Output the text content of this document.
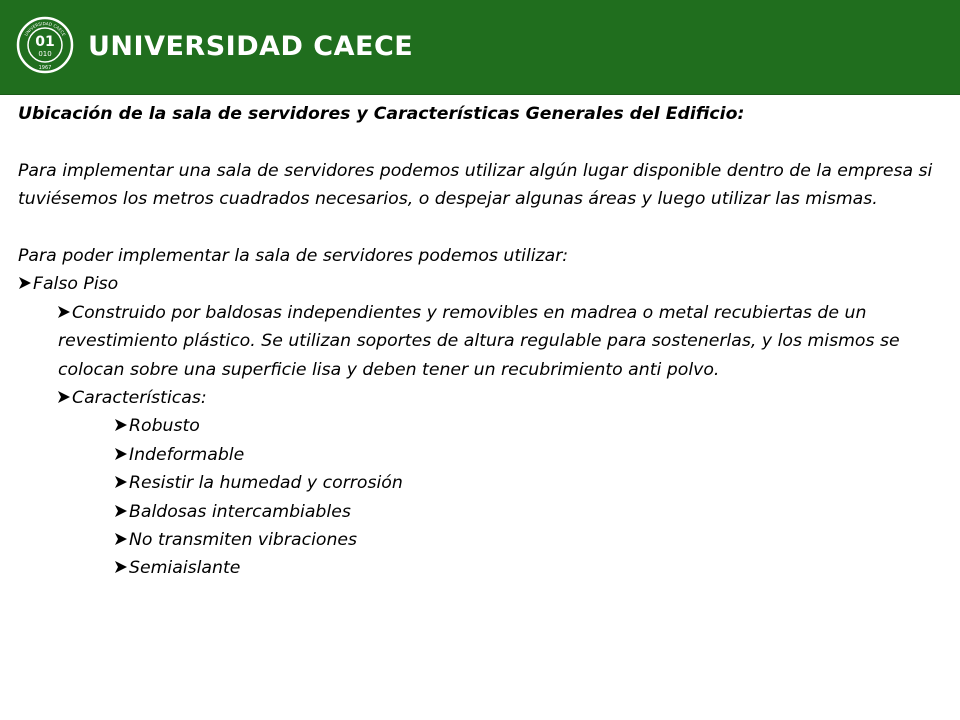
01
010
1967
UNIVERSIDAD CAECE UNIVERSIDAD CAECE

Ubicación de la sala de servidores y Características Generales del Edificio:

Para implementar una sala de servidores podemos utilizar algún lugar disponible dentro de la empresa si tuviésemos los metros cuadrados necesarios, o despejar algunas áreas y luego utilizar las mismas.

Para poder implementar la sala de servidores podemos utilizar:

Falso Piso

Construido por baldosas independientes y removibles en madrea o metal recubiertas de un revestimiento plástico. Se utilizan soportes de altura regulable para sostenerlas, y los mismos se colocan sobre una superficie lisa y deben tener un recubrimiento anti polvo.

Características:

Robusto

Indeformable

Resistir la humedad y corrosión

Baldosas intercambiables

No transmiten vibraciones

Semiaislante
